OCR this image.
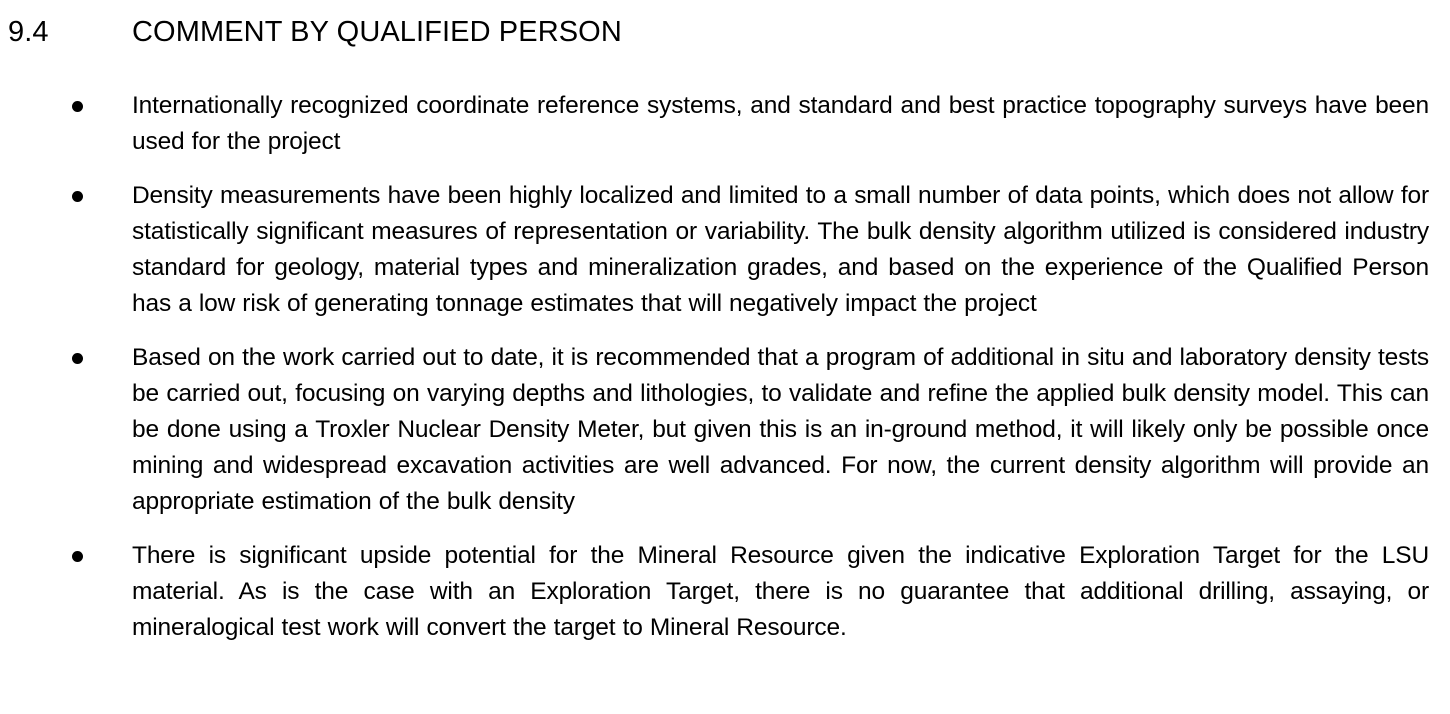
9.4	COMMENT BY QUALIFIED PERSON
Internationally recognized coordinate reference systems, and standard and best practice topography surveys have been used for the project
Density measurements have been highly localized and limited to a small number of data points, which does not allow for statistically significant measures of representation or variability. The bulk density algorithm utilized is considered industry standard for geology, material types and mineralization grades, and based on the experience of the Qualified Person has a low risk of generating tonnage estimates that will negatively impact the project
Based on the work carried out to date, it is recommended that a program of additional in situ and laboratory density tests be carried out, focusing on varying depths and lithologies, to validate and refine the applied bulk density model. This can be done using a Troxler Nuclear Density Meter, but given this is an in-ground method, it will likely only be possible once mining and widespread excavation activities are well advanced. For now, the current density algorithm will provide an appropriate estimation of the bulk density
There is significant upside potential for the Mineral Resource given the indicative Exploration Target for the LSU material. As is the case with an Exploration Target, there is no guarantee that additional drilling, assaying, or mineralogical test work will convert the target to Mineral Resource.
